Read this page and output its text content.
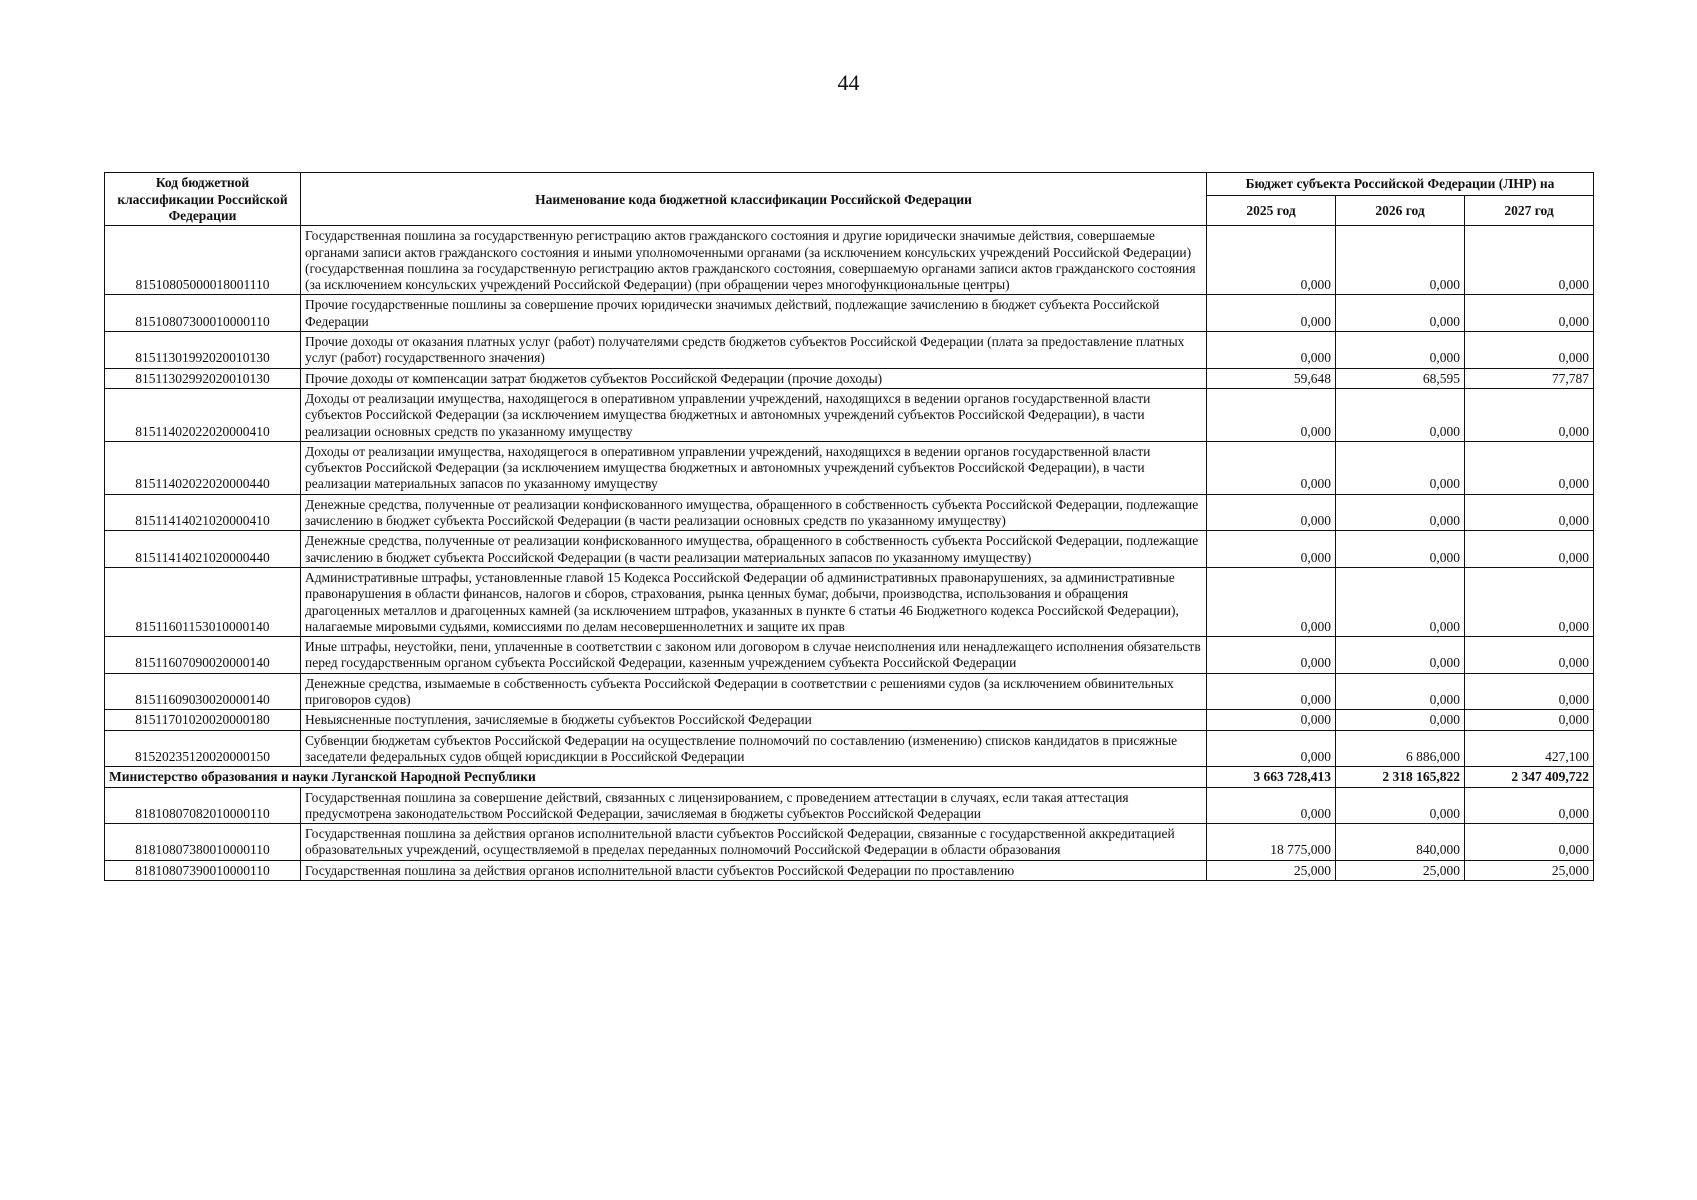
44
Код бюджетной классификации Российской Федерации	Наименование кода бюджетной классификации Российской Федерации	Бюджет субъекта Российской Федерации (ЛНР) на		
		2025 год	2026 год	2027 год
81510805000018001110	Государственная пошлина за государственную регистрацию актов гражданского состояния и другие юридически значимые действия, совершаемые органами записи актов гражданского состояния и иными уполномоченными органами (за исключением консульских учреждений Российской Федерации) (государственная пошлина за государственную регистрацию актов гражданского состояния, совершаемую органами записи актов гражданского состояния (за исключением консульских учреждений Российской Федерации) (при обращении через многофункциональные центры)	0,000	0,000	0,000
81510807300010000110	Прочие государственные пошлины за совершение прочих юридически значимых действий, подлежащие зачислению в бюджет субъекта Российской Федерации	0,000	0,000	0,000
81511301992020010130	Прочие доходы от оказания платных услуг (работ) получателями средств бюджетов субъектов Российской Федерации (плата за предоставление платных услуг (работ) государственного значения)	0,000	0,000	0,000
81511302992020010130	Прочие доходы от компенсации затрат бюджетов субъектов Российской Федерации (прочие доходы)	59,648	68,595	77,787
81511402022020000410	Доходы от реализации имущества, находящегося в оперативном управлении учреждений, находящихся в ведении органов государственной власти субъектов Российской Федерации (за исключением имущества бюджетных и автономных учреждений субъектов Российской Федерации), в части реализации основных средств по указанному имуществу	0,000	0,000	0,000
81511402022020000440	Доходы от реализации имущества, находящегося в оперативном управлении учреждений, находящихся в ведении органов государственной власти субъектов Российской Федерации (за исключением имущества бюджетных и автономных учреждений субъектов Российской Федерации), в части реализации материальных запасов по указанному имуществу	0,000	0,000	0,000
81511414021020000410	Денежные средства, полученные от реализации конфискованного имущества, обращенного в собственность субъекта Российской Федерации, подлежащие зачислению в бюджет субъекта Российской Федерации (в части реализации основных средств по указанному имуществу)	0,000	0,000	0,000
81511414021020000440	Денежные средства, полученные от реализации конфискованного имущества, обращенного в собственность субъекта Российской Федерации, подлежащие зачислению в бюджет субъекта Российской Федерации (в части реализации материальных запасов по указанному имуществу)	0,000	0,000	0,000
81511601153010000140	Административные штрафы, установленные главой 15 Кодекса Российской Федерации об административных правонарушениях, за административные правонарушения в области финансов, налогов и сборов, страхования, рынка ценных бумаг, добычи, производства, использования и обращения драгоценных металлов и драгоценных камней (за исключением штрафов, указанных в пункте 6 статьи 46 Бюджетного кодекса Российской Федерации), налагаемые мировыми судьями, комиссиями по делам несовершеннолетних и защите их прав	0,000	0,000	0,000
81511607090020000140	Иные штрафы, неустойки, пени, уплаченные в соответствии с законом или договором в случае неисполнения или ненадлежащего исполнения обязательств перед государственным органом субъекта Российской Федерации, казенным учреждением субъекта Российской Федерации	0,000	0,000	0,000
81511609030020000140	Денежные средства, изымаемые в собственность субъекта Российской Федерации в соответствии с решениями судов (за исключением обвинительных приговоров судов)	0,000	0,000	0,000
81511701020020000180	Невыясненные поступления, зачисляемые в бюджеты субъектов Российской Федерации	0,000	0,000	0,000
81520235120020000150	Субвенции бюджетам субъектов Российской Федерации на осуществление полномочий по составлению (изменению) списков кандидатов в присяжные заседатели федеральных судов общей юрисдикции в Российской Федерации	0,000	6 886,000	427,100
Министерство образования и науки Луганской Народной Республики		3 663 728,413	2 318 165,822	2 347 409,722
81810807082010000110	Государственная пошлина за совершение действий, связанных с лицензированием, с проведением аттестации в случаях, если такая аттестация предусмотрена законодательством Российской Федерации, зачисляемая в бюджеты субъектов Российской Федерации	0,000	0,000	0,000
81810807380010000110	Государственная пошлина за действия органов исполнительной власти субъектов Российской Федерации, связанные с государственной аккредитацией образовательных учреждений, осуществляемой в пределах переданных полномочий Российской Федерации в области образования	18 775,000	840,000	0,000
81810807390010000110	Государственная пошлина за действия органов исполнительной власти субъектов Российской Федерации по проставлению	25,000	25,000	25,000
